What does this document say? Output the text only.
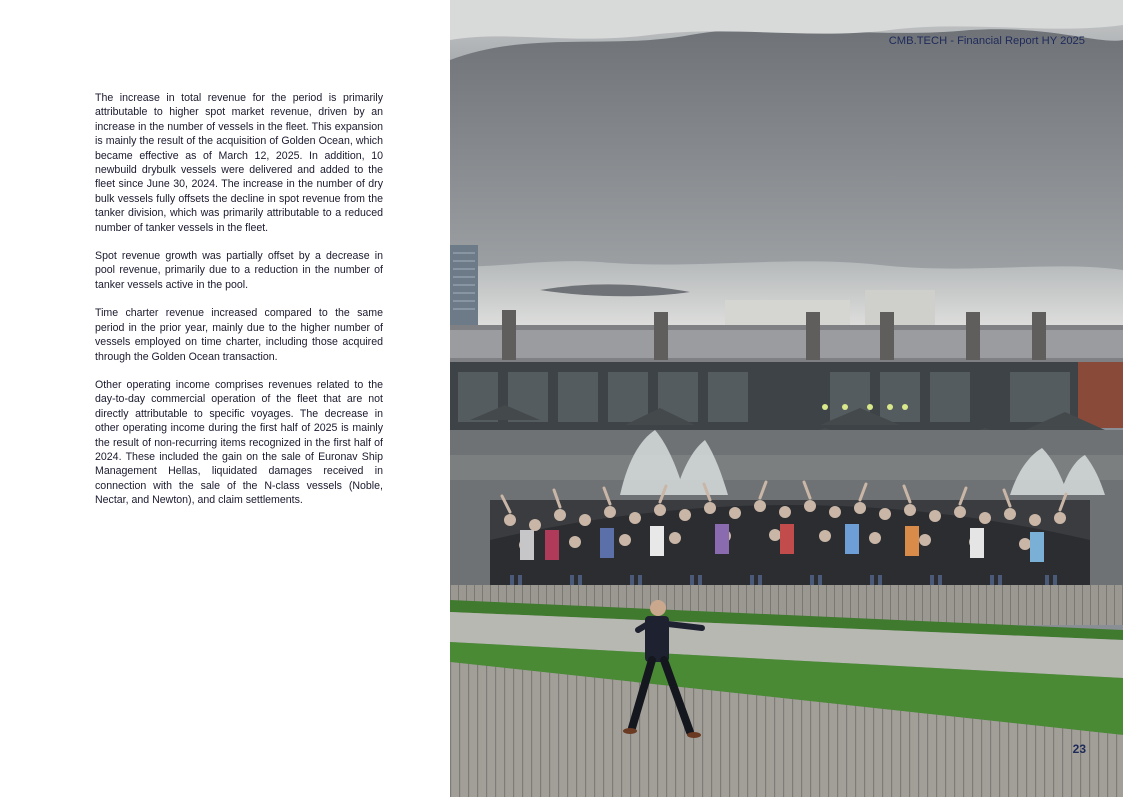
The increase in total revenue for the period is primarily attributable to higher spot market revenue, driven by an increase in the number of vessels in the fleet. This expansion is mainly the result of the acquisition of Golden Ocean, which became effective as of March 12, 2025. In addition, 10 newbuild drybulk vessels were delivered and added to the fleet since June 30, 2024. The increase in the number of dry bulk vessels fully offsets the decline in spot revenue from the tanker division, which was primarily attributable to a reduced number of tanker vessels in the fleet.

Spot revenue growth was partially offset by a decrease in pool revenue, primarily due to a reduction in the number of tanker vessels active in the pool.

Time charter revenue increased compared to the same period in the prior year, mainly due to the higher number of vessels employed on time charter, including those acquired through the Golden Ocean transaction.

Other operating income comprises revenues related to the day-to-day commercial operation of the fleet that are not directly attributable to specific voyages. The decrease in other operating income during the first half of 2025 is mainly the result of non-recurring items recognized in the first half of 2024. These included the gain on the sale of Euronav Ship Management Hellas, liquidated damages received in connection with the sale of the N-class vessels (Noble, Nectar, and Newton), and claim settlements.

CMB.TECH - Financial Report HY 2025
23
